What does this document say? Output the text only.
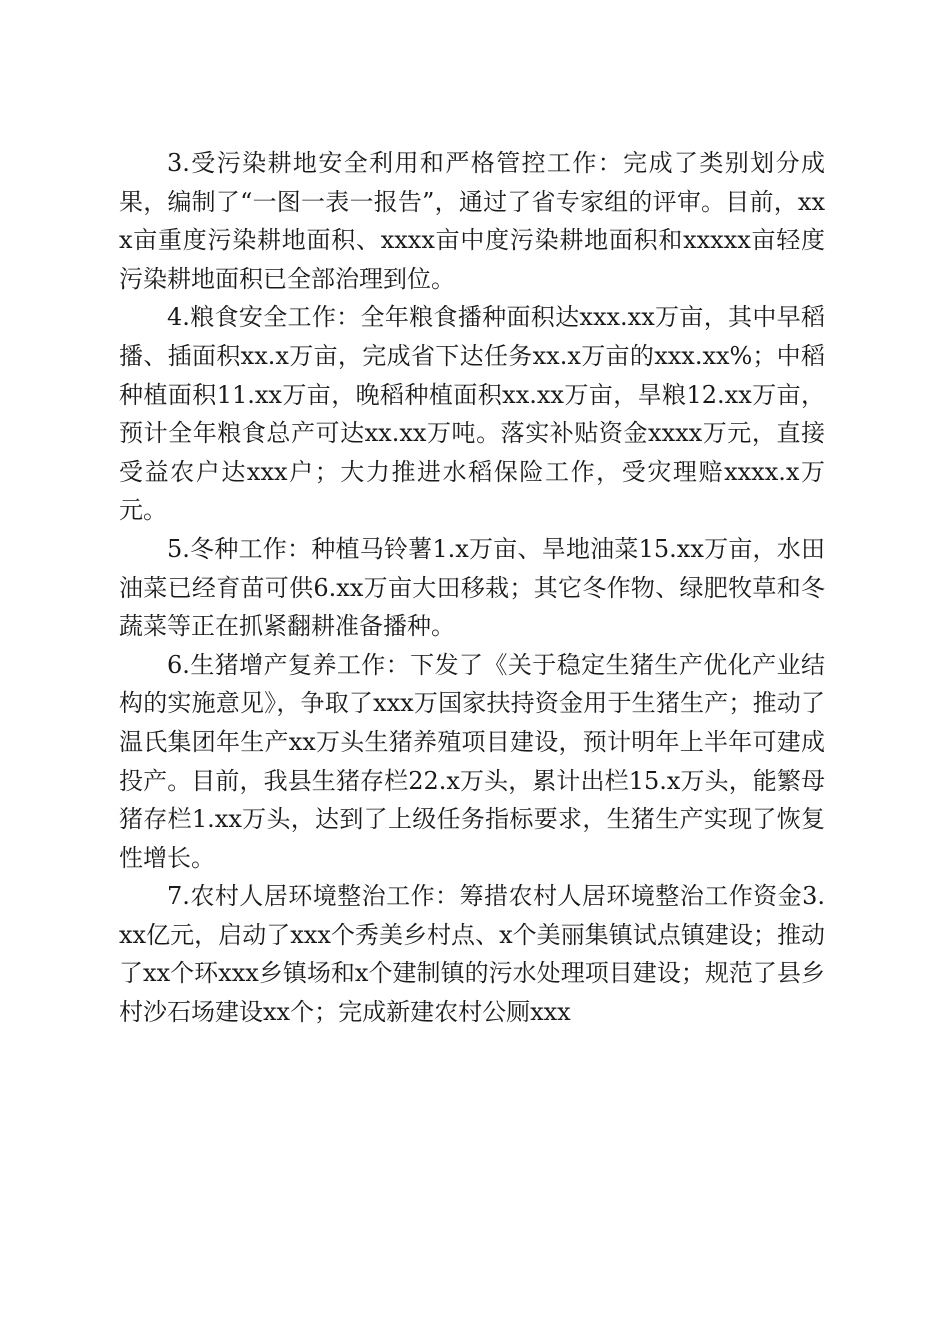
3.受污染耕地安全利用和严格管控工作：完成了类别划分成果，编制了“一图一表一报告”，通过了省专家组的评审。目前，xxx亩重度污染耕地面积、xxxx亩中度污染耕地面积和xxxxx亩轻度污染耕地面积已全部治理到位。

4.粮食安全工作：全年粮食播种面积达xxx.xx万亩，其中早稻播、插面积xx.x万亩，完成省下达任务xx.x万亩的xxx.xx%；中稻种植面积11.xx万亩，晚稻种植面积xx.xx万亩，旱粮12.xx万亩，预计全年粮食总产可达xx.xx万吨。落实补贴资金xxxx万元，直接受益农户达xxx户；大力推进水稻保险工作，受灾理赔xxxx.x万元。

5.冬种工作：种植马铃薯1.x万亩、旱地油菜15.xx万亩，水田油菜已经育苗可供6.xx万亩大田移栽；其它冬作物、绿肥牧草和冬蔬菜等正在抓紧翻耕准备播种。

6.生猪增产复养工作：下发了《关于稳定生猪生产优化产业结构的实施意见》，争取了xxx万国家扶持资金用于生猪生产；推动了温氏集团年生产xx万头生猪养殖项目建设，预计明年上半年可建成投产。目前，我县生猪存栏22.x万头，累计出栏15.x万头，能繁母猪存栏1.xx万头，达到了上级任务指标要求，生猪生产实现了恢复性增长。

7.农村人居环境整治工作：筹措农村人居环境整治工作资金3.xx亿元，启动了xxx个秀美乡村点、x个美丽集镇试点镇建设；推动了xx个环xxx乡镇场和x个建制镇的污水处理项目建设；规范了县乡村沙石场建设xx个；完成新建农村公厕xxx
